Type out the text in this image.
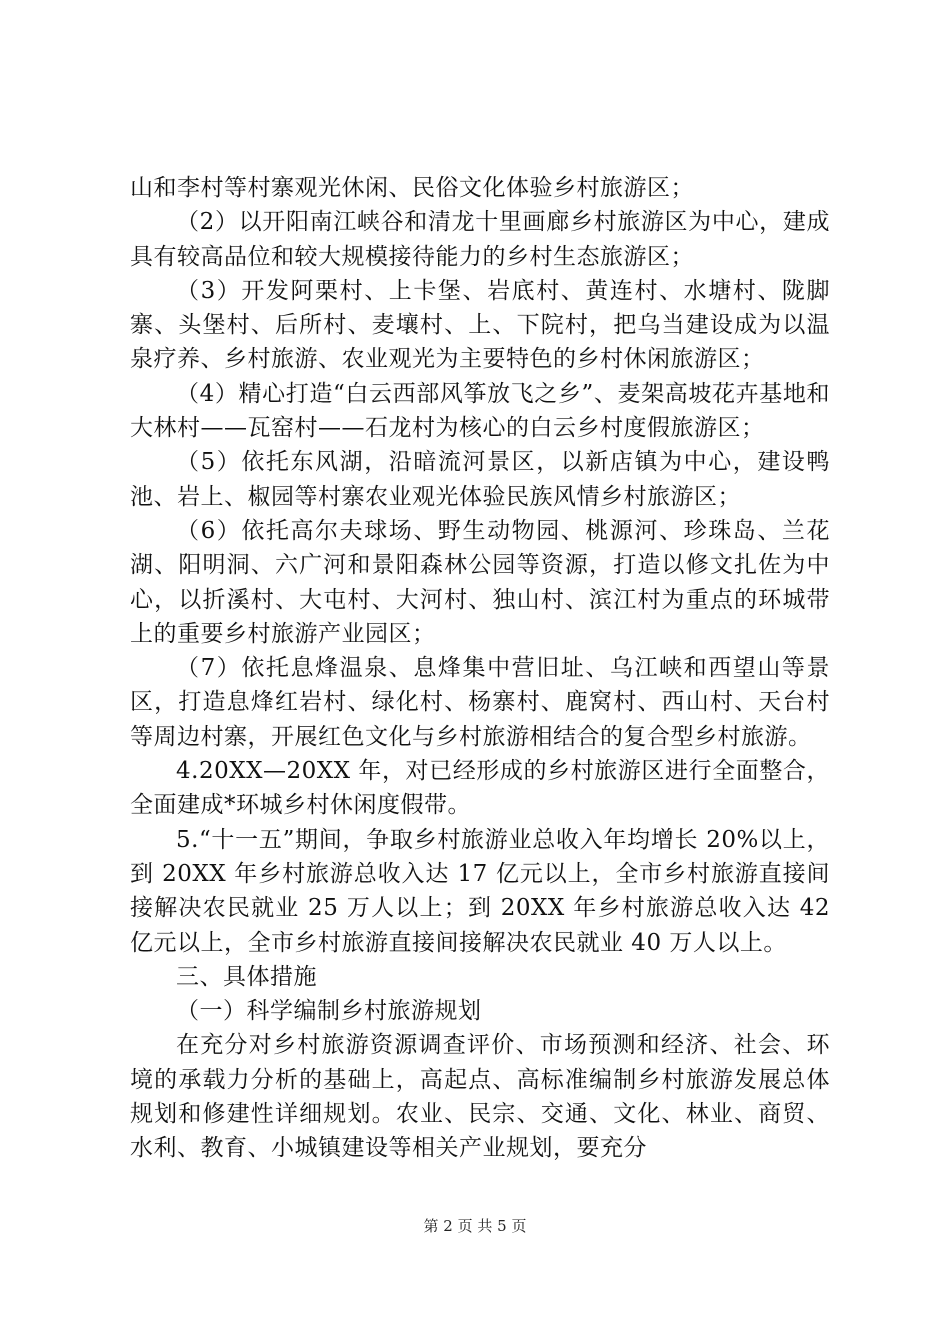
山和李村等村寨观光休闲、民俗文化体验乡村旅游区；

（2）以开阳南江峡谷和清龙十里画廊乡村旅游区为中心，建成具有较高品位和较大规模接待能力的乡村生态旅游区；

（3）开发阿栗村、上卡堡、岩底村、黄连村、水塘村、陇脚寨、头堡村、后所村、麦壤村、上、下院村，把乌当建设成为以温泉疗养、乡村旅游、农业观光为主要特色的乡村休闲旅游区；

（4）精心打造“白云西部风筝放飞之乡”、麦架高坡花卉基地和大林村——瓦窑村——石龙村为核心的白云乡村度假旅游区；

（5）依托东风湖，沿暗流河景区，以新店镇为中心，建设鸭池、岩上、椒园等村寨农业观光体验民族风情乡村旅游区；

（6）依托高尔夫球场、野生动物园、桃源河、珍珠岛、兰花湖、阳明洞、六广河和景阳森林公园等资源，打造以修文扎佐为中心，以折溪村、大屯村、大河村、独山村、滨江村为重点的环城带上的重要乡村旅游产业园区；

（7）依托息烽温泉、息烽集中营旧址、乌江峡和西望山等景区，打造息烽红岩村、绿化村、杨寨村、鹿窝村、西山村、天台村等周边村寨，开展红色文化与乡村旅游相结合的复合型乡村旅游。

4.20XX—20XX 年，对已经形成的乡村旅游区进行全面整合，全面建成*环城乡村休闲度假带。

5.“十一五”期间，争取乡村旅游业总收入年均增长 20%以上，到 20XX 年乡村旅游总收入达 17 亿元以上，全市乡村旅游直接间接解决农民就业 25 万人以上；到 20XX 年乡村旅游总收入达 42 亿元以上，全市乡村旅游直接间接解决农民就业 40 万人以上。

三、具体措施

（一）科学编制乡村旅游规划

在充分对乡村旅游资源调查评价、市场预测和经济、社会、环境的承载力分析的基础上，高起点、高标准编制乡村旅游发展总体规划和修建性详细规划。农业、民宗、交通、文化、林业、商贸、水利、教育、小城镇建设等相关产业规划，要充分

第 2 页 共 5 页
